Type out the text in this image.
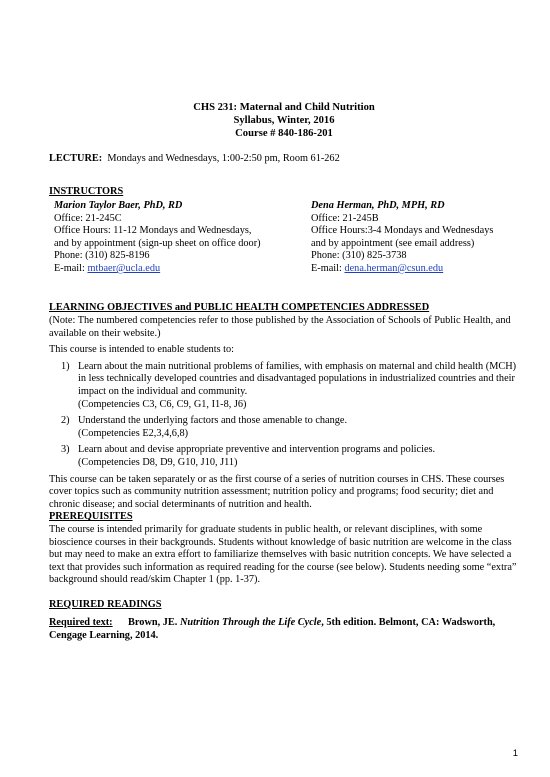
CHS 231: Maternal and Child Nutrition
Syllabus, Winter, 2016
Course # 840-186-201
LECTURE: Mondays and Wednesdays, 1:00-2:50 pm, Room 61-262
INSTRUCTORS
Marion Taylor Baer, PhD, RD
Office: 21-245C
Office Hours: 11-12 Mondays and Wednesdays,
and by appointment (sign-up sheet on office door)
Phone: (310) 825-8196
E-mail: mtbaer@ucla.edu
Dena Herman, PhD, MPH, RD
Office: 21-245B
Office Hours:3-4 Mondays and Wednesdays
and by appointment (see email address)
Phone: (310) 825-3738
E-mail: dena.herman@csun.edu
LEARNING OBJECTIVES and PUBLIC HEALTH COMPETENCIES ADDRESSED

(Note: The numbered competencies refer to those published by the Association of Schools of Public Health, and available on their website.)

This course is intended to enable students to:

1) Learn about the main nutritional problems of families, with emphasis on maternal and child health (MCH) in less technically developed countries and disadvantaged populations in industrialized countries and their impact on the individual and community.
(Competencies C3, C6, C9, G1, I1-8, J6)
2) Understand the underlying factors and those amenable to change.
(Competencies E2,3,4,6,8)
3) Learn about and devise appropriate preventive and intervention programs and policies.
(Competencies D8, D9, G10, J10, J11)

This course can be taken separately or as the first course of a series of nutrition courses in CHS. These courses cover topics such as community nutrition assessment; nutrition policy and programs; food security; diet and chronic disease; and social determinants of nutrition and health.

PREREQUISITES

The course is intended primarily for graduate students in public health, or relevant disciplines, with some bioscience courses in their backgrounds. Students without knowledge of basic nutrition are welcome in the class but may need to make an extra effort to familiarize themselves with basic nutrition concepts. We have selected a text that provides such information as required reading for the course (see below). Students needing some “extra” background should read/skim Chapter 1 (pp. 1-37).

REQUIRED READINGS

Required text: Brown, JE. Nutrition Through the Life Cycle, 5th edition. Belmont, CA: Wadsworth, Cengage Learning, 2014.

1
